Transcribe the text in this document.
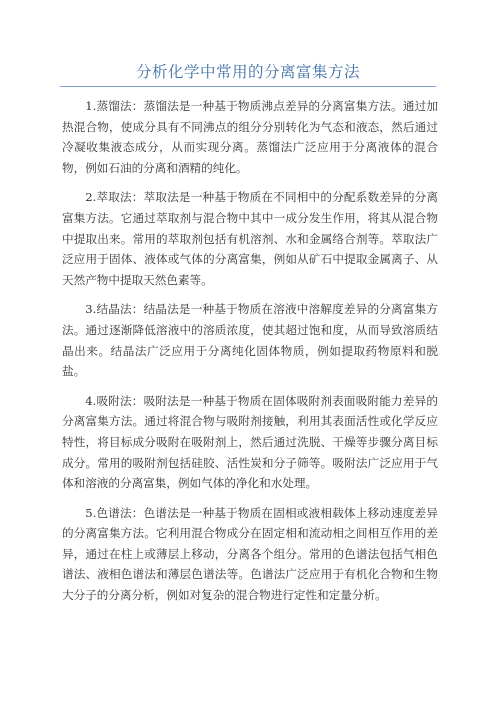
分析化学中常用的分离富集方法

1.蒸馏法：蒸馏法是一种基于物质沸点差异的分离富集方法。通过加热混合物，使成分具有不同沸点的组分分别转化为气态和液态，然后通过冷凝收集液态成分，从而实现分离。蒸馏法广泛应用于分离液体的混合物，例如石油的分离和酒精的纯化。

2.萃取法：萃取法是一种基于物质在不同相中的分配系数差异的分离富集方法。它通过萃取剂与混合物中其中一成分发生作用，将其从混合物中提取出来。常用的萃取剂包括有机溶剂、水和金属络合剂等。萃取法广泛应用于固体、液体或气体的分离富集，例如从矿石中提取金属离子、从天然产物中提取天然色素等。

3.结晶法：结晶法是一种基于物质在溶液中溶解度差异的分离富集方法。通过逐渐降低溶液中的溶质浓度，使其超过饱和度，从而导致溶质结晶出来。结晶法广泛应用于分离纯化固体物质，例如提取药物原料和脱盐。

4.吸附法：吸附法是一种基于物质在固体吸附剂表面吸附能力差异的分离富集方法。通过将混合物与吸附剂接触，利用其表面活性或化学反应特性，将目标成分吸附在吸附剂上，然后通过洗脱、干燥等步骤分离目标成分。常用的吸附剂包括硅胶、活性炭和分子筛等。吸附法广泛应用于气体和溶液的分离富集，例如气体的净化和水处理。

5.色谱法：色谱法是一种基于物质在固相或液相载体上移动速度差异的分离富集方法。它利用混合物成分在固定相和流动相之间相互作用的差异，通过在柱上或薄层上移动，分离各个组分。常用的色谱法包括气相色谱法、液相色谱法和薄层色谱法等。色谱法广泛应用于有机化合物和生物大分子的分离分析，例如对复杂的混合物进行定性和定量分析。
